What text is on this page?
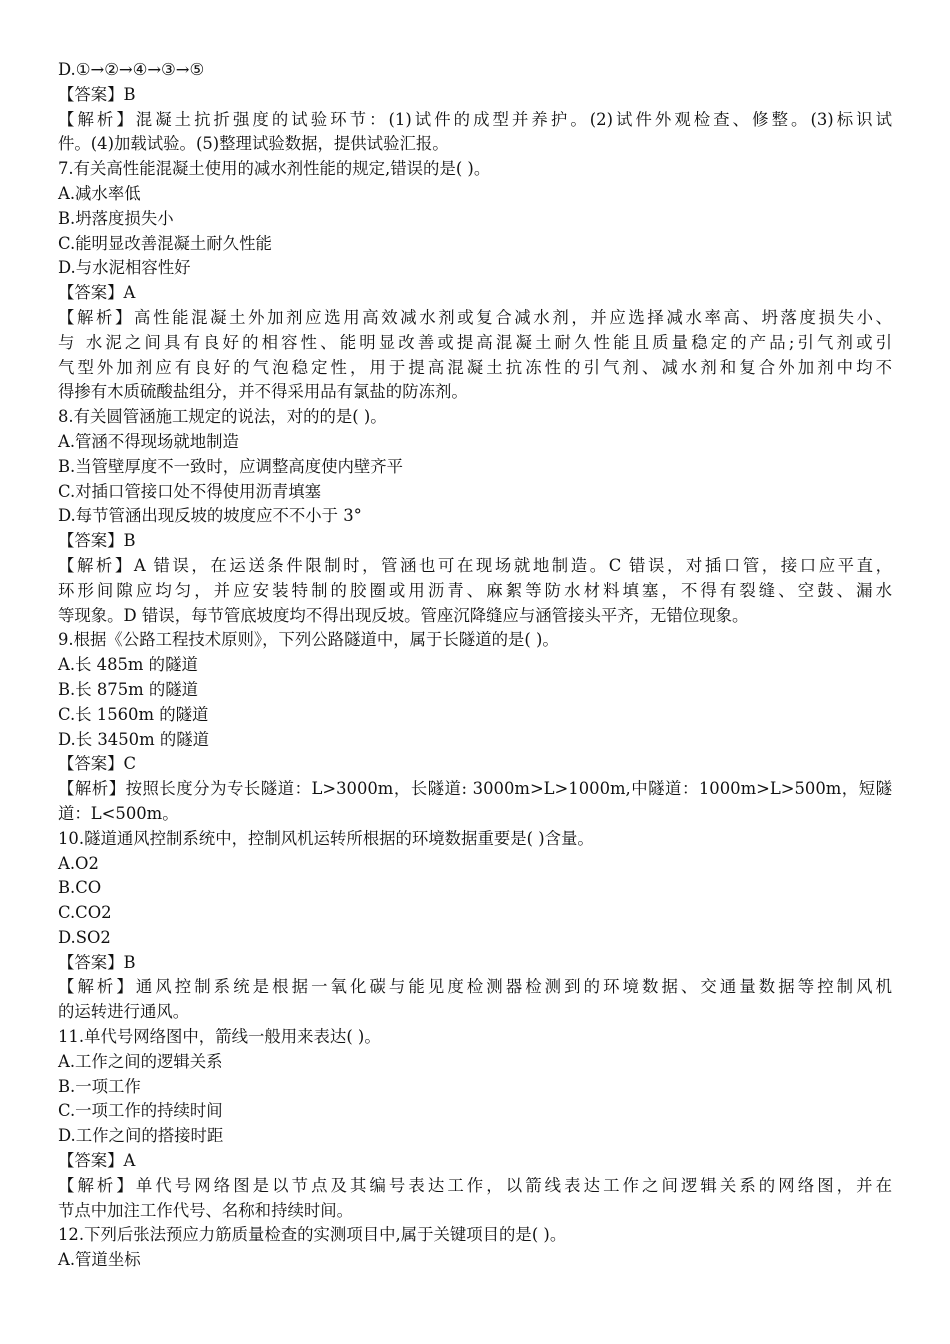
D.①→②→④→③→⑤
【答案】B
【解析】混凝土抗折强度的试验环节：(1)试件的成型并养护。(2)试件外观检查、修整。(3)标识试
件。(4)加载试验。(5)整理试验数据，提供试验汇报。
7.有关高性能混凝土使用的减水剂性能的规定,错误的是( )。
A.减水率低
B.坍落度损失小
C.能明显改善混凝土耐久性能
D.与水泥相容性好
【答案】A
【解析】高性能混凝土外加剂应选用高效减水剂或复合减水剂，并应选择减水率高、坍落度损失小、
与 水泥之间具有良好的相容性、能明显改善或提高混凝土耐久性能且质量稳定的产品;引气剂或引
气型外加剂应有良好的气泡稳定性，用于提高混凝土抗冻性的引气剂、减水剂和复合外加剂中均不
得掺有木质硫酸盐组分，并不得采用品有氯盐的防冻剂。
8.有关圆管涵施工规定的说法，对的的是( )。
A.管涵不得现场就地制造
B.当管壁厚度不一致时，应调整高度使内壁齐平
C.对插口管接口处不得使用沥青填塞
D.每节管涵出现反坡的坡度应不不小于 3°
【答案】B
【解析】A 错误，在运送条件限制时，管涵也可在现场就地制造。C 错误，对插口管，接口应平直，
环形间隙应均匀，并应安装特制的胶圈或用沥青、麻絮等防水材料填塞，不得有裂缝、空鼓、漏水
等现象。D 错误，每节管底坡度均不得出现反坡。管座沉降缝应与涵管接头平齐，无错位现象。
9.根据《公路工程技术原则》，下列公路隧道中，属于长隧道的是( )。
A.长 485m 的隧道
B.长 875m 的隧道
C.长 1560m 的隧道
D.长 3450m 的隧道
【答案】C
【解析】按照长度分为专长隧道：L>3000m，长隧道: 3000m>L>1000m,中隧道：1000m>L>500m，短隧
道：L<500m。
10.隧道通风控制系统中，控制风机运转所根据的环境数据重要是( )含量。
A.O2
B.CO
C.CO2
D.SO2
【答案】B
【解析】通风控制系统是根据一氧化碳与能见度检测器检测到的环境数据、交通量数据等控制风机
的运转进行通风。
11.单代号网络图中，箭线一般用来表达( )。
A.工作之间的逻辑关系
B.一项工作
C.一项工作的持续时间
D.工作之间的搭接时距
【答案】A
【解析】单代号网络图是以节点及其编号表达工作，以箭线表达工作之间逻辑关系的网络图，并在
节点中加注工作代号、名称和持续时间。
12.下列后张法预应力筋质量检查的实测项目中,属于关键项目的是( )。
A.管道坐标
